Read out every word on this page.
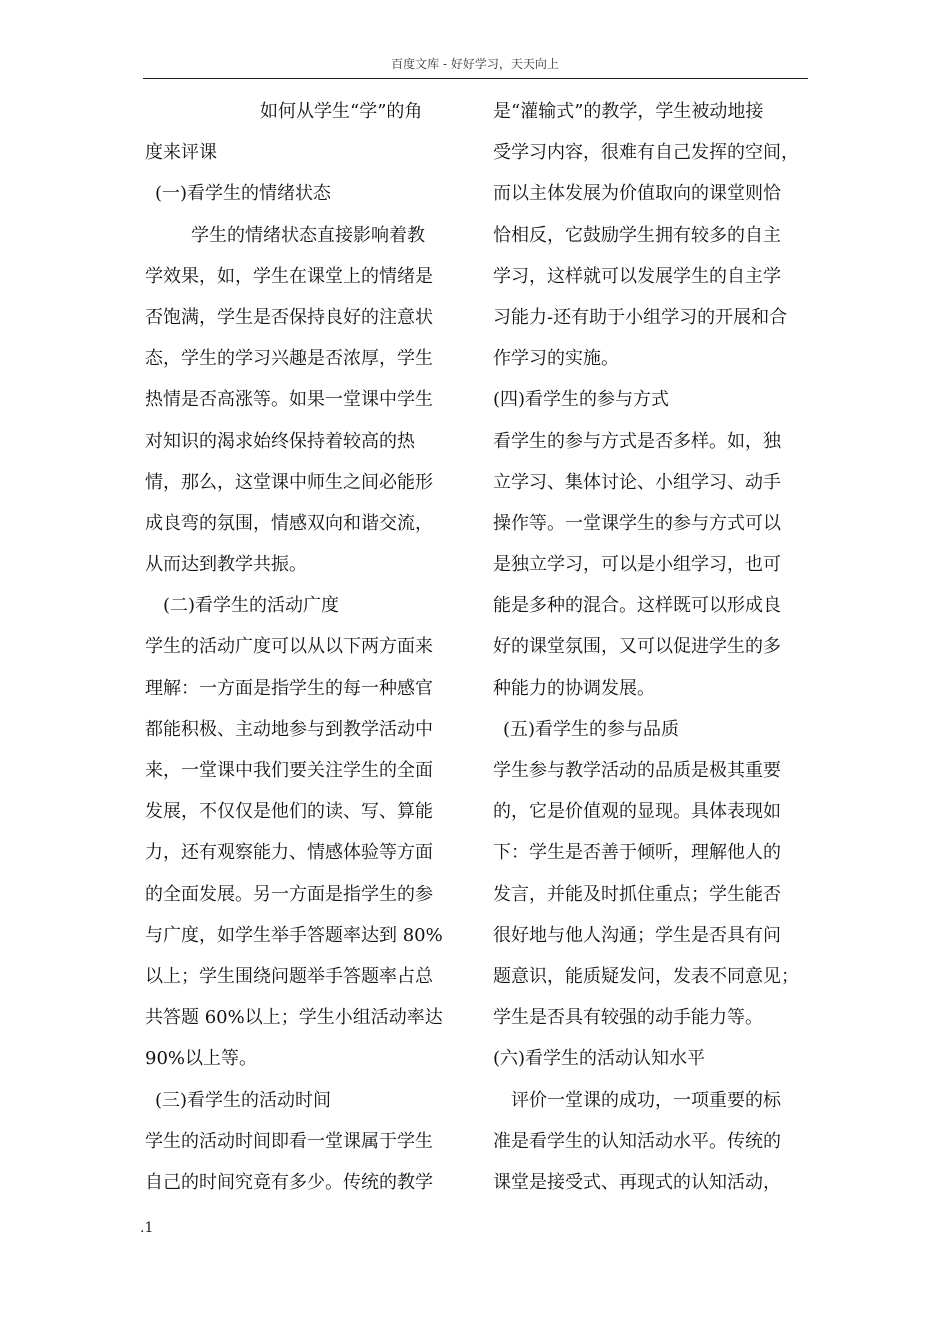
百度文库 - 好好学习，天天向上
如何从学生“学”的角
度来评课
(一)看学生的情绪状态
学生的情绪状态直接影响着教
学效果，如，学生在课堂上的情绪是
否饱满，学生是否保持良好的注意状
态，学生的学习兴趣是否浓厚，学生
热情是否高涨等。如果一堂课中学生
对知识的渴求始终保持着较高的热
情，那么，这堂课中师生之间必能形
成良弯的氛围，情感双向和谐交流，
从而达到教学共振。
(二)看学生的活动广度
学生的活动广度可以从以下两方面来
理解：一方面是指学生的每一种感官
都能积极、主动地参与到教学活动中
来，一堂课中我们要关注学生的全面
发展，不仅仅是他们的读、写、算能
力，还有观察能力、情感体验等方面
的全面发展。另一方面是指学生的参
与广度，如学生举手答题率达到 80%
以上；学生围绕问题举手答题率占总
共答题 60%以上；学生小组活动率达
90%以上等。
(三)看学生的活动时间
学生的活动时间即看一堂课属于学生
自己的时间究竟有多少。传统的教学
是“灌输式”的教学，学生被动地接
受学习内容，很难有自己发挥的空间，
而以主体发展为价值取向的课堂则恰
恰相反，它鼓励学生拥有较多的自主
学习，这样就可以发展学生的自主学
习能力-还有助于小组学习的开展和合
作学习的实施。
(四)看学生的参与方式
看学生的参与方式是否多样。如，独
立学习、集体讨论、小组学习、动手
操作等。一堂课学生的参与方式可以
是独立学习，可以是小组学习，也可
能是多种的混合。这样既可以形成良
好的课堂氛围，又可以促进学生的多
种能力的协调发展。
(五)看学生的参与品质
学生参与教学活动的品质是极其重要
的，它是价值观的显现。具体表现如
下：学生是否善于倾听，理解他人的
发言，并能及时抓住重点；学生能否
很好地与他人沟通；学生是否具有问
题意识，能质疑发问，发表不同意见；
学生是否具有较强的动手能力等。
(六)看学生的活动认知水平
评价一堂课的成功，一项重要的标
准是看学生的认知活动水平。传统的
课堂是接受式、再现式的认知活动，
.1
